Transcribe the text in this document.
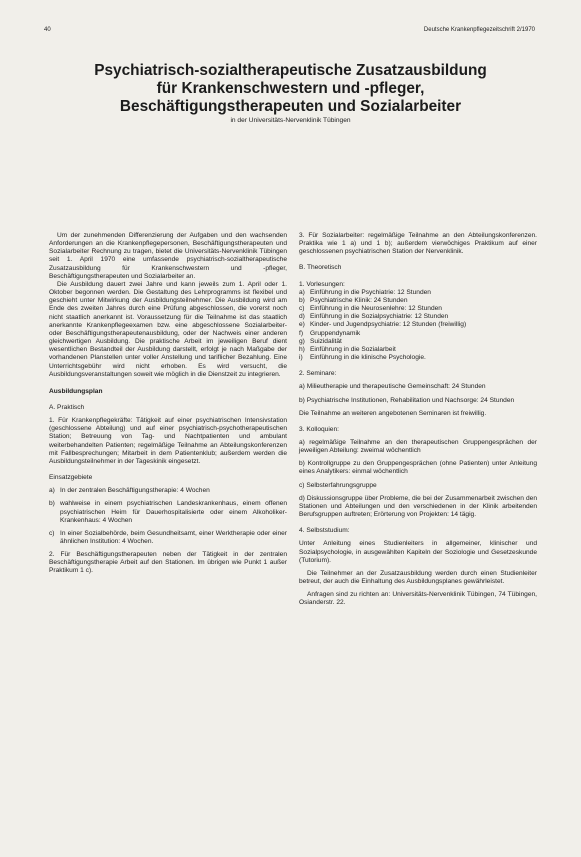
40	Deutsche Krankenpflegezeitschrift 2/1970
Psychiatrisch-sozialtherapeutische Zusatzausbildung
für Krankenschwestern und -pfleger,
Beschäftigungstherapeuten und Sozialarbeiter
in der Universitäts-Nervenklinik Tübingen

Um der zunehmenden Differenzierung der Aufgaben und den wachsenden Anforderungen an die Krankenpflegepersonen, Beschäftigungstherapeuten und Sozialarbeiter Rechnung zu tragen, bietet die Universitäts-Nervenklinik Tübingen seit 1. April 1970 eine umfassende psychiatrisch-sozialtherapeutische Zusatzausbildung für Krankenschwestern und -pfleger, Beschäftigungstherapeuten und Sozialarbeiter an.

Die Ausbildung dauert zwei Jahre und kann jeweils zum 1. April oder 1. Oktober begonnen werden. Die Gestaltung des Lehrprogramms ist flexibel und geschieht unter Mitwirkung der Ausbildungsteilnehmer. Die Ausbildung wird am Ende des zweiten Jahres durch eine Prüfung abgeschlossen, die vorerst noch nicht staatlich anerkannt ist. Voraussetzung für die Teilnahme ist das staatlich anerkannte Krankenpflegeexamen bzw. eine abgeschlossene Sozialarbeiter- oder Beschäftigungstherapeutenausbildung, oder der Nachweis einer anderen gleichwertigen Ausbildung. Die praktische Arbeit im jeweiligen Beruf dient wesentlichen Bestandteil der Ausbildung darstellt, erfolgt je nach Maßgabe der vorhandenen Planstellen unter voller Anstellung und tariflicher Bezahlung. Eine Unterrichtsgebühr wird nicht erhoben. Es wird versucht, die Ausbildungsveranstaltungen soweit wie möglich in die Dienstzeit zu integrieren.

Ausbildungsplan

A. Praktisch

1. Für Krankenpflegekräfte: Tätigkeit auf einer psychiatrischen Intensivstation (geschlossene Abteilung) und auf einer psychiatrisch-psychotherapeutischen Station; Betreuung von Tag- und Nachtpatienten und ambulant weiterbehandelten Patienten; regelmäßige Teilnahme an Abteilungskonferenzen mit Fallbesprechungen; Mitarbeit in dem Patientenklub; außerdem werden die Ausbildungsteilnehmer in der Tageskinik eingesetzt.

Einsatzgebiete

a) In der zentralen Beschäftigungstherapie: 4 Wochen

b) wahlweise in einem psychiatrischen Landeskrankenhaus, einem offenen psychiatrischen Heim für Dauerhospitalisierte oder einem Alkoholiker-Krankenhaus: 4 Wochen

c) In einer Sozialbehörde, beim Gesundheitsamt, einer Werktherapie oder einer ähnlichen Institution: 4 Wochen.

2. Für Beschäftigungstherapeuten neben der Tätigkeit in der zentralen Beschäftigungstherapie Arbeit auf den Stationen. Im übrigen wie Punkt 1 außer Praktikum 1 c).

3. Für Sozialarbeiter: regelmäßige Teilnahme an den Abteilungskonferenzen. Praktika wie 1 a) und 1 b); außerdem vierwöchiges Praktikum auf einer geschlossenen psychiatrischen Station der Nervenklinik.

B. Theoretisch

1. Vorlesungen:

a) Einführung in die Psychiatrie: 12 Stunden

b) Psychiatrische Klinik: 24 Stunden

c) Einführung in die Neurosenlehre: 12 Stunden

d) Einführung in die Sozialpsychiatrie: 12 Stunden

e) Kinder- und Jugendpsychiatrie: 12 Stunden (freiwillig)

f)	Gruppendynamik

g) Suizidalität

h) Einführung in die Sozialarbeit

i)	Einführung in die klinische Psychologie.

2. Seminare:

a) Milieutherapie und therapeutische Gemeinschaft: 24 Stunden

b) Psychiatrische Institutionen, Rehabilitation und Nachsorge: 24 Stunden

Die Teilnahme an weiteren angebotenen Seminaren ist freiwillig.

3. Kolloquien:

a) regelmäßige Teilnahme an den therapeutischen Gruppengesprächen der jeweiligen Abteilung: zweimal wöchentlich

b) Kontrollgruppe zu den Gruppengesprächen (ohne Patienten) unter Anleitung eines Analytikers: einmal wöchentlich

c) Selbsterfahrungsgruppe

d) Diskussionsgruppe über Probleme, die bei der Zusammenarbeit zwischen den Stationen und Abteilungen und den verschiedenen in der Klinik arbeitenden Berufsgruppen auftreten; Erörterung von Projekten: 14 tägig.

4. Selbststudium:

Unter Anleitung eines Studienleiters in allgemeiner, klinischer und Sozialpsychologie, in ausgewählten Kapiteln der Soziologie und Gesetzeskunde (Tutorium).

Die Teilnehmer an der Zusatzausbildung werden durch einen Studienleiter betreut, der auch die Einhaltung des Ausbildungsplanes gewährleistet.

Anfragen sind zu richten an: Universitäts-Nervenklinik Tübingen, 74 Tübingen, Osianderstr. 22.
